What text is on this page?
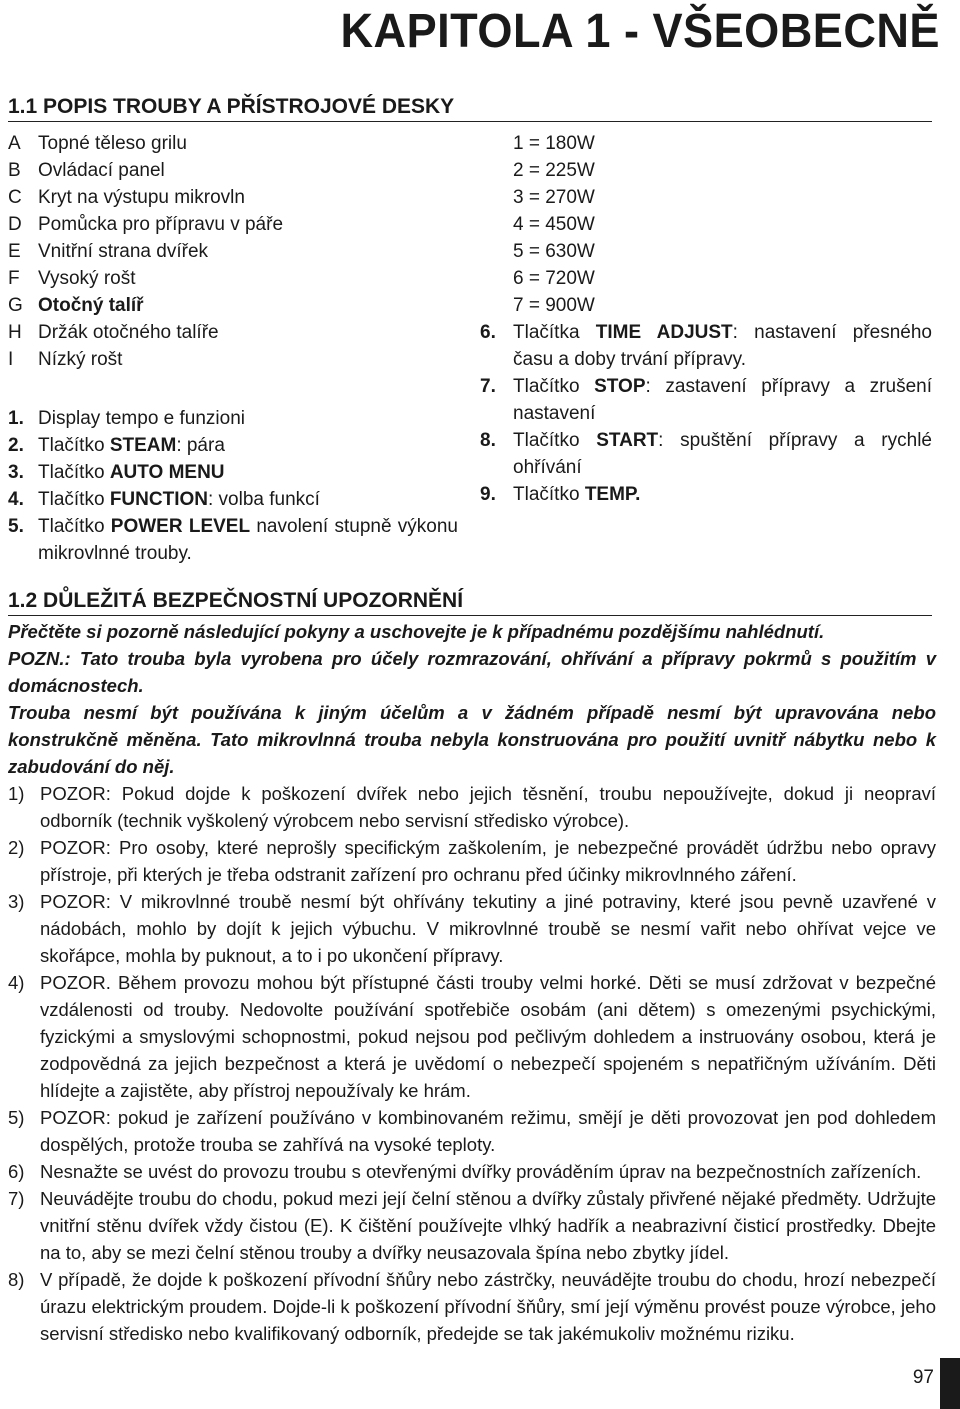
KAPITOLA 1 - VŠEOBECNĚ
1.1 POPIS TROUBY A PŘÍSTROJOVÉ DESKY
A Topné těleso grilu
B Ovládací panel
C Kryt na výstupu mikrovln
D Pomůcka pro přípravu v páře
E Vnitřní strana dvířek
F Vysoký rošt
G Otočný talíř
H Držák otočného talíře
I Nízký rošt
1. Display tempo e funzioni
2. Tlačítko STEAM: pára
3. Tlačítko AUTO MENU
4. Tlačítko FUNCTION: volba funkcí
5. Tlačítko POWER LEVEL navolení stupně výkonu mikrovlnné trouby.
1 = 180W
2 = 225W
3 = 270W
4 = 450W
5 = 630W
6 = 720W
7 = 900W
6. Tlačítka TIME ADJUST: nastavení přesného času a doby trvání přípravy.
7. Tlačítko STOP: zastavení přípravy a zrušení nastavení
8. Tlačítko START: spuštění přípravy a rychlé ohřívání
9. Tlačítko TEMP.
1.2 DŮLEŽITÁ BEZPEČNOSTNÍ UPOZORNĚNÍ

Přečtěte si pozorně následující pokyny a uschovejte je k případnému pozdějšímu nahlédnutí.

POZN.: Tato trouba byla vyrobena pro účely rozmrazování, ohřívání a přípravy pokrmů s použitím v domácnostech.

Trouba nesmí být používána k jiným účelům a v žádném případě nesmí být upravována nebo konstrukčně měněna. Tato mikrovlnná trouba nebyla konstruována pro použití uvnitř nábytku nebo k zabudování do něj.

1) POZOR: Pokud dojde k poškození dvířek nebo jejich těsnění, troubu nepoužívejte, dokud ji neopraví odborník (technik vyškolený výrobcem nebo servisní středisko výrobce).
2) POZOR: Pro osoby, které neprošly specifickým zaškolením, je nebezpečné provádět údržbu nebo opravy přístroje, při kterých je třeba odstranit zařízení pro ochranu před účinky mikrovlnného záření.
3) POZOR: V mikrovlnné troubě nesmí být ohřívány tekutiny a jiné potraviny, které jsou pevně uzavřené v nádobách, mohlo by dojít k jejich výbuchu. V mikrovlnné troubě se nesmí vařit nebo ohřívat vejce ve skořápce, mohla by puknout, a to i po ukončení přípravy.
4) POZOR. Během provozu mohou být přístupné části trouby velmi horké. Děti se musí zdržovat v bezpečné vzdálenosti od trouby. Nedovolte používání spotřebiče osobám (ani dětem) s omezenými psychickými, fyzickými a smyslovými schopnostmi, pokud nejsou pod pečlivým dohledem a instruovány osobou, která je zodpovědná za jejich bezpečnost a která je uvědomí o nebezpečí spojeném s nepatřičným užíváním. Děti hlídejte a zajistěte, aby přístroj nepoužívaly ke hrám.
5) POZOR: pokud je zařízení používáno v kombinovaném režimu, smějí je děti provozovat jen pod dohledem dospělých, protože trouba se zahřívá na vysoké teploty.
6) Nesnažte se uvést do provozu troubu s otevřenými dvířky prováděním úprav na bezpečnostních zařízeních.
7) Neuvádějte troubu do chodu, pokud mezi její čelní stěnou a dvířky zůstaly přivřené nějaké předměty. Udržujte vnitřní stěnu dvířek vždy čistou (E). K čištění používejte vlhký hadřík a neabrazivní čisticí prostředky. Dbejte na to, aby se mezi čelní stěnou trouby a dvířky neusazovala špína nebo zbytky jídel.
8) V případě, že dojde k poškození přívodní šňůry nebo zástrčky, neuvádějte troubu do chodu, hrozí nebezpečí úrazu elektrickým proudem. Dojde-li k poškození přívodní šňůry, smí její výměnu provést pouze výrobce, jeho servisní středisko nebo kvalifikovaný odborník, předejde se tak jakémukoliv možnému riziku.
97
